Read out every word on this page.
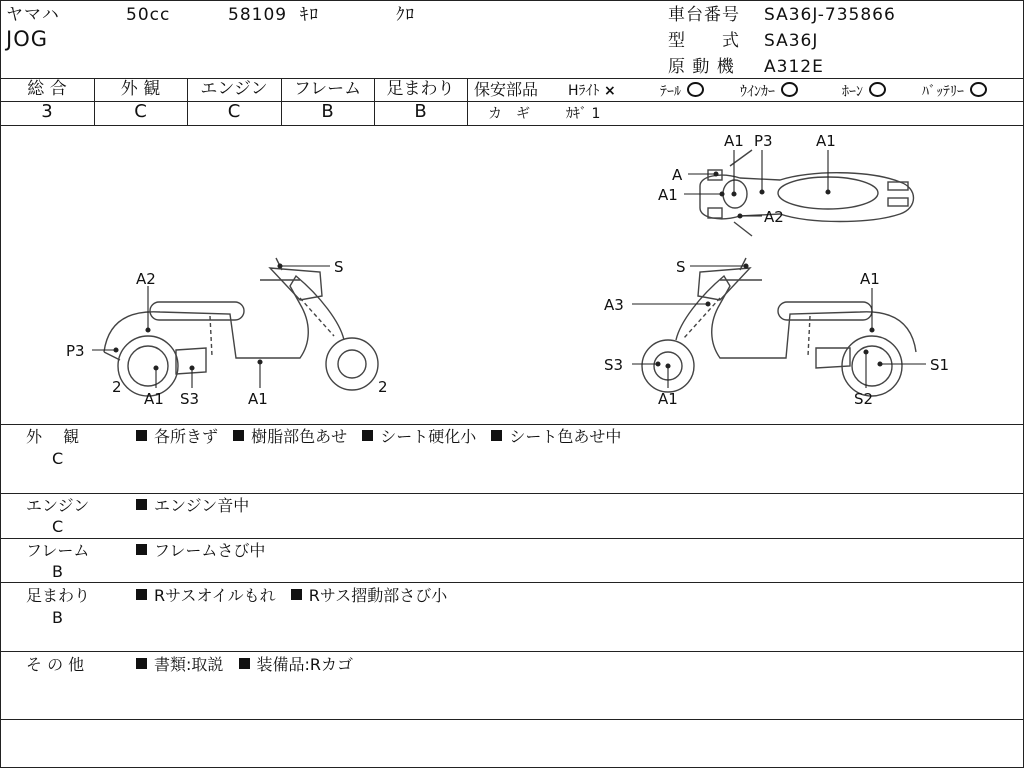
ヤマハ	50cc	58109 ｷﾛ	ｸﾛ
JOG
車台番号 SA36J-735866
型　　式 SA36J
原 動 機 A312E
総 合	外 観	エンジン	フレーム	足まわり
3	C	C	B	B
保安部品 Hﾗｲﾄ ×	ﾃｰﾙ	ｳｲﾝｶｰ	ﾎｰﾝ	ﾊﾞｯﾃﾘｰ
カ　ギ	ｶｷﾞ 1
A1 P3	A1
A
A1
A2
S
A2
P3
2
A1 S3	A1
2
S
A1
A3
S3
A1
S1
S2
外　 観
C
各所きず 樹脂部色あせ シート硬化小 シート色あせ中
エンジン
C
エンジン音中
フレーム
B
フレームさび中
足まわり
B
Rサスオイルもれ Rサス摺動部さび小
そ の 他	書類:取説 装備品:Rカゴ
